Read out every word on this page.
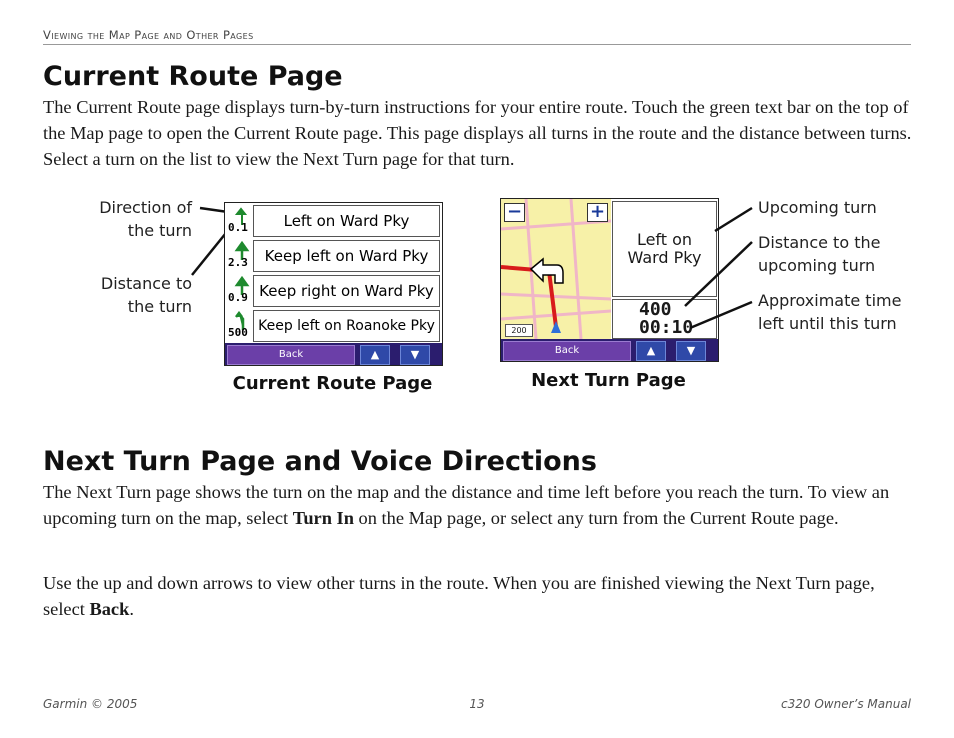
Viewing the Map Page and Other Pages
Current Route Page
The Current Route page displays turn-by-turn instructions for your entire route. Touch the green text bar on the top of the Map page to open the Current Route page. This page displays all turns in the route and the distance between turns. Select a turn on the list to view the Next Turn page for that turn.
Direction of the turn
Distance to the turn
0.1	Left on Ward Pky
2.3	Keep left on Ward Pky
0.9 Keep right on Ward Pky
500 Keep left on Roanoke Pky
Back	▲	▼
Current Route Page
−	+
200
Left on Ward Pky
400
00:10
Back	▲	▼
Next Turn Page
Upcoming turn
Distance to the upcoming turn
Approximate time left until this turn
Next Turn Page and Voice Directions
The Next Turn page shows the turn on the map and the distance and time left before you reach the turn. To view an upcoming turn on the map, select Turn In on the Map page, or select any turn from the Current Route page.
Use the up and down arrows to view other turns in the route. When you are finished viewing the Next Turn page, select Back.
Garmin © 2005	13	c320 Owner’s Manual
